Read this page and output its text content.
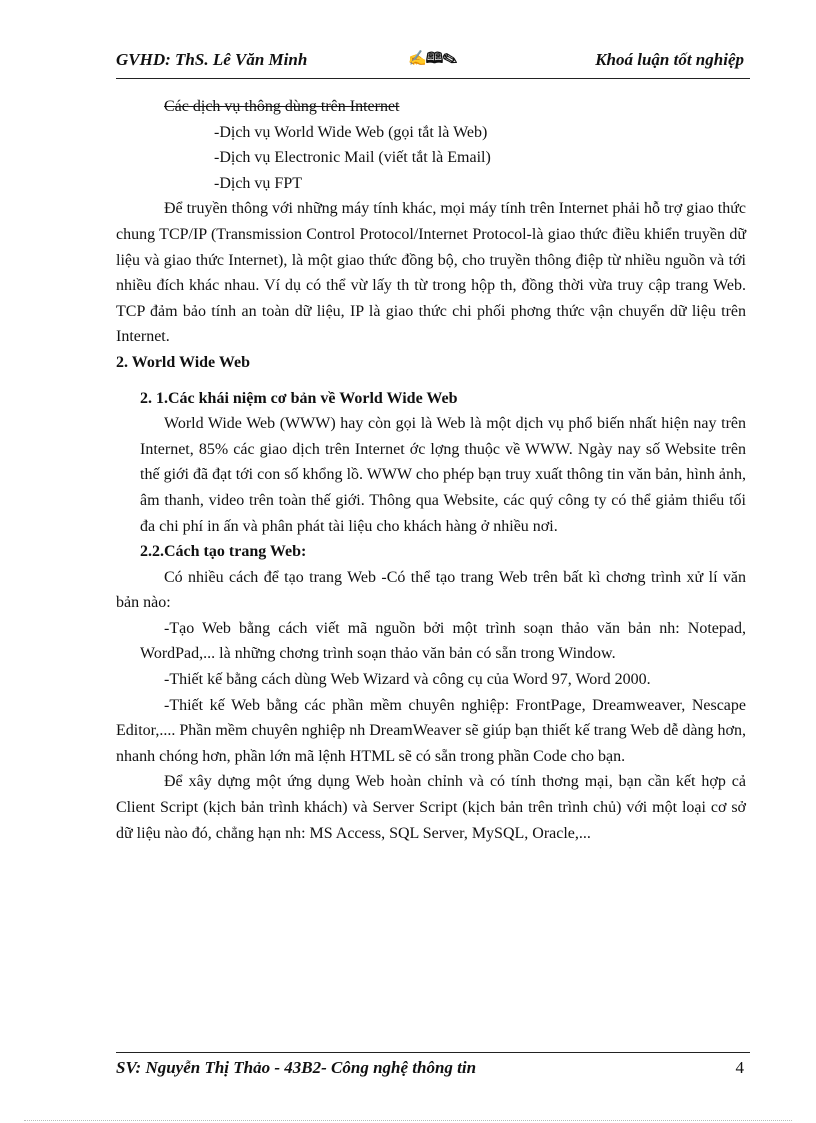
GVHD: ThS. Lê Văn Minh	✍🕮✎	Khoá luận tốt nghiệp

Các dịch vụ thông dùng trên Internet

-Dịch vụ World Wide Web (gọi tắt là Web)

-Dịch vụ Electronic Mail (viết tắt là Email)

-Dịch vụ FPT

Để truyền thông với những máy tính khác, mọi máy tính trên Internet phải hỗ trợ giao thức chung TCP/IP (Transmission Control Protocol/Internet Protocol-là giao thức điều khiển truyền dữ liệu và giao thức Internet), là một giao thức đồng bộ, cho truyền thông điệp từ nhiều nguồn và tới nhiều đích khác nhau. Ví dụ có thể vừ lấy th từ trong hộp th, đồng thời vừa truy cập trang Web. TCP đảm bảo tính an toàn dữ liệu, IP là giao thức chi phối phơng thức vận chuyển dữ liệu trên Internet.

2. World Wide Web

2. 1.Các khái niệm cơ bản về World Wide Web

World Wide Web (WWW) hay còn gọi là Web là một dịch vụ phổ biến nhất hiện nay trên Internet, 85% các giao dịch trên Internet ớc lợng thuộc về WWW. Ngày nay số Website trên thế giới đã đạt tới con số khổng lồ. WWW cho phép bạn truy xuất thông tin văn bản, hình ảnh, âm thanh, video trên toàn thế giới. Thông qua Website, các quý công ty có thể giảm thiểu tối đa chi phí in ấn và phân phát tài liệu cho khách hàng ở nhiều nơi.

2.2.Cách tạo trang Web:

Có nhiều cách để tạo trang Web -Có thể tạo trang Web trên bất kì chơng trình xử lí văn bản nào:

-Tạo Web bằng cách viết mã nguồn bởi một trình soạn thảo văn bản nh: Notepad, WordPad,... là những chơng trình soạn thảo văn bản có sẵn trong Window.

-Thiết kế bằng cách dùng Web Wizard và công cụ của Word 97, Word 2000.

-Thiết kế Web bằng các phần mềm chuyên nghiệp: FrontPage, Dreamweaver, Nescape Editor,.... Phần mềm chuyên nghiệp nh DreamWeaver sẽ giúp bạn thiết kế trang Web dễ dàng hơn, nhanh chóng hơn, phần lớn mã lệnh HTML sẽ có sẵn trong phần Code cho bạn.

Để xây dựng một ứng dụng Web hoàn chỉnh và có tính thơng mại, bạn cần kết hợp cả Client Script (kịch bản trình khách) và Server Script (kịch bản trên trình chủ) với một loại cơ sở dữ liệu nào đó, chẳng hạn nh: MS Access, SQL Server, MySQL, Oracle,...

SV: Nguyễn Thị Thảo - 43B2- Công nghệ thông tin	4
